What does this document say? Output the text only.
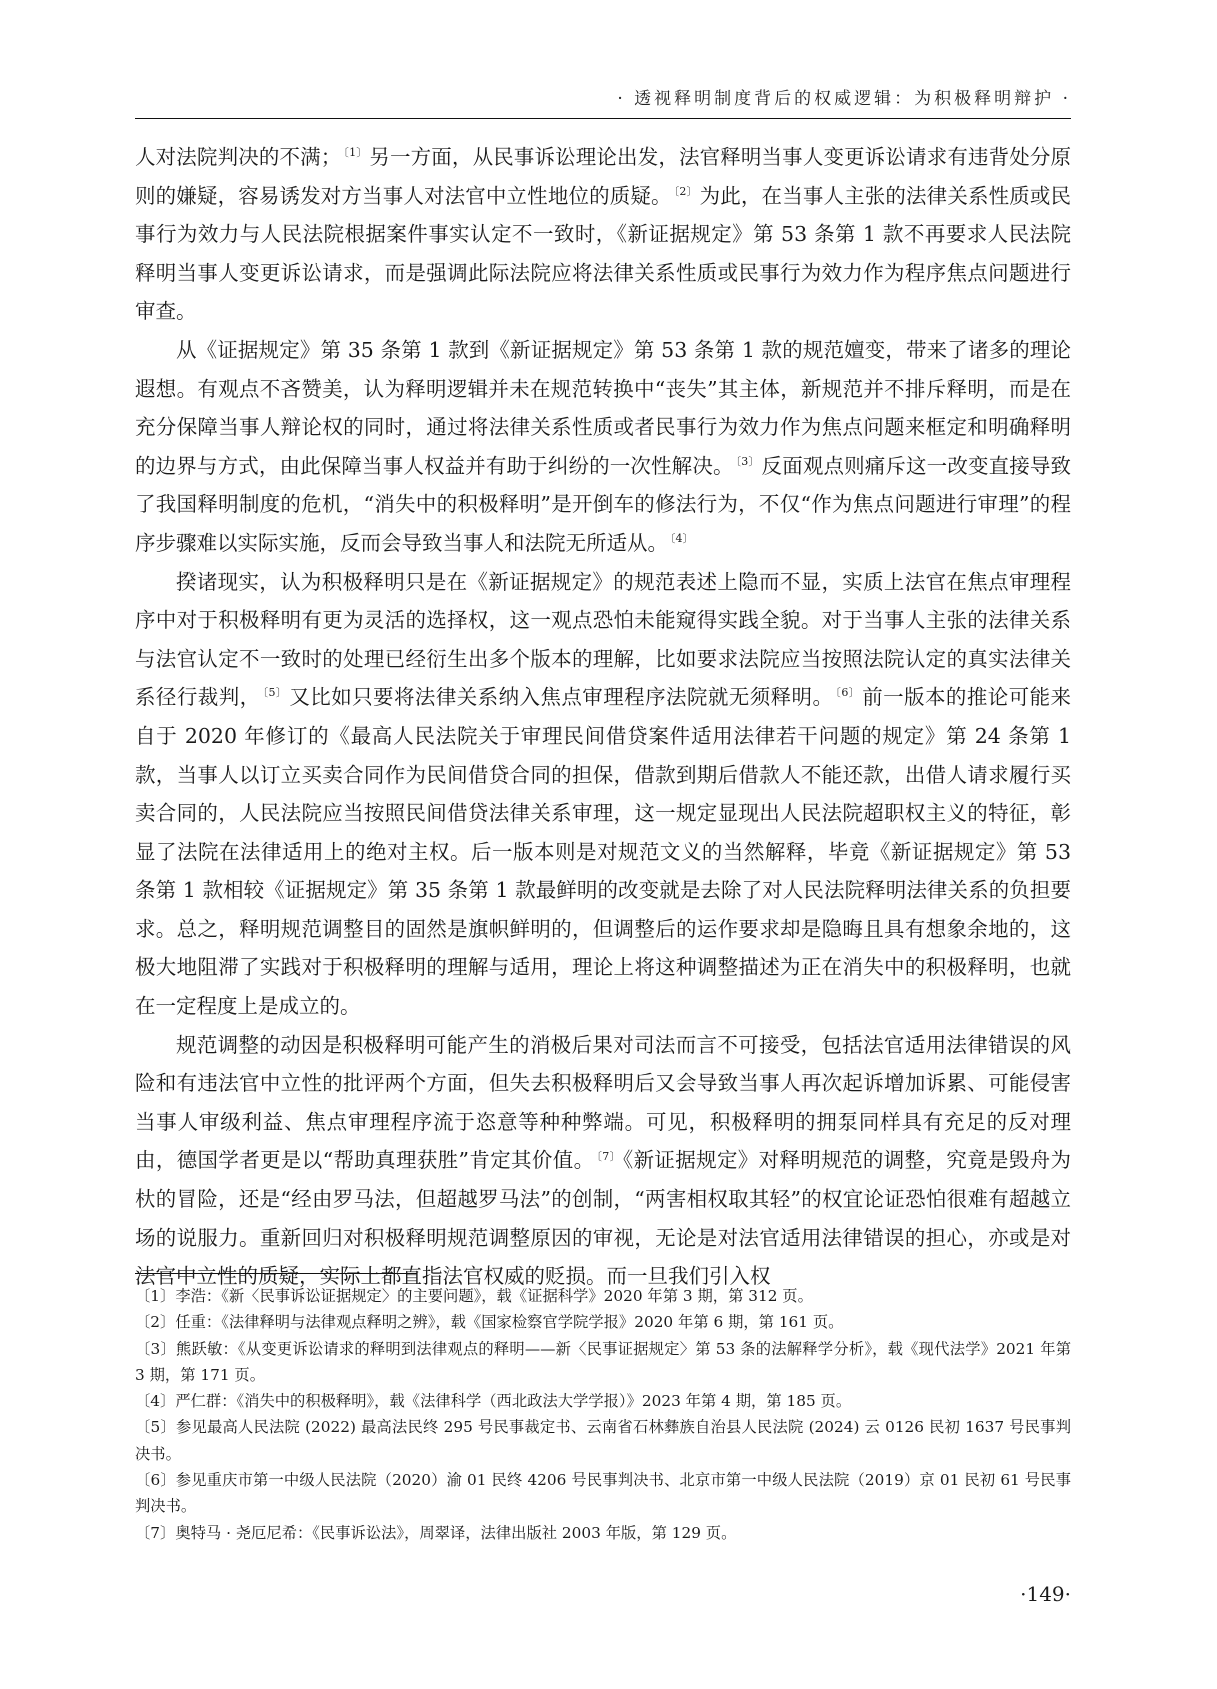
· 透视释明制度背后的权威逻辑：为积极释明辩护 ·

人对法院判决的不满； $^{〔1〕}$另一方面，从民事诉讼理论出发，法官释明当事人变更诉讼请求有违背处分原则的嫌疑，容易诱发对方当事人对法官中立性地位的质疑。 $^{〔2〕}$为此，在当事人主张的法律关系性质或民事行为效力与人民法院根据案件事实认定不一致时，《新证据规定》第 53 条第 1 款不再要求人民法院释明当事人变更诉讼请求，而是强调此际法院应将法律关系性质或民事行为效力作为程序焦点问题进行审查。

从《证据规定》第 35 条第 1 款到《新证据规定》第 53 条第 1 款的规范嬗变，带来了诸多的理论遐想。有观点不吝赞美，认为释明逻辑并未在规范转换中“丧失”其主体，新规范并不排斥释明，而是在充分保障当事人辩论权的同时，通过将法律关系性质或者民事行为效力作为焦点问题来框定和明确释明的边界与方式，由此保障当事人权益并有助于纠纷的一次性解决。 $^{〔3〕}$反面观点则痛斥这一改变直接导致了我国释明制度的危机，“消失中的积极释明”是开倒车的修法行为，不仅“作为焦点问题进行审理”的程序步骤难以实际实施，反而会导致当事人和法院无所适从。 $^{〔4〕}$

揆诸现实，认为积极释明只是在《新证据规定》的规范表述上隐而不显，实质上法官在焦点审理程序中对于积极释明有更为灵活的选择权，这一观点恐怕未能窥得实践全貌。对于当事人主张的法律关系与法官认定不一致时的处理已经衍生出多个版本的理解，比如要求法院应当按照法院认定的真实法律关系径行裁判， $^{〔5〕}$又比如只要将法律关系纳入焦点审理程序法院就无须释明。 $^{〔6〕}$前一版本的推论可能来自于 2020 年修订的《最高人民法院关于审理民间借贷案件适用法律若干问题的规定》第 24 条第 1 款，当事人以订立买卖合同作为民间借贷合同的担保，借款到期后借款人不能还款，出借人请求履行买卖合同的，人民法院应当按照民间借贷法律关系审理，这一规定显现出人民法院超职权主义的特征，彰显了法院在法律适用上的绝对主权。后一版本则是对规范文义的当然解释，毕竟《新证据规定》第 53 条第 1 款相较《证据规定》第 35 条第 1 款最鲜明的改变就是去除了对人民法院释明法律关系的负担要求。总之，释明规范调整目的固然是旗帜鲜明的，但调整后的运作要求却是隐晦且具有想象余地的，这极大地阻滞了实践对于积极释明的理解与适用，理论上将这种调整描述为正在消失中的积极释明，也就在一定程度上是成立的。

规范调整的动因是积极释明可能产生的消极后果对司法而言不可接受，包括法官适用法律错误的风险和有违法官中立性的批评两个方面，但失去积极释明后又会导致当事人再次起诉增加诉累、可能侵害当事人审级利益、焦点审理程序流于恣意等种种弊端。可见，积极释明的拥泵同样具有充足的反对理由，德国学者更是以“帮助真理获胜”肯定其价值。 $^{〔7〕}$《新证据规定》对释明规范的调整，究竟是毁舟为杕的冒险，还是“经由罗马法，但超越罗马法”的创制，“两害相权取其轻”的权宜论证恐怕很难有超越立场的说服力。重新回归对积极释明规范调整原因的审视，无论是对法官适用法律错误的担心，亦或是对法官中立性的质疑，实际上都直指法官权威的贬损。而一旦我们引入权

〔1〕李浩：《新〈民事诉讼证据规定〉的主要问题》，载《证据科学》2020 年第 3 期，第 312 页。

〔2〕任重：《法律释明与法律观点释明之辨》，载《国家检察官学院学报》2020 年第 6 期，第 161 页。

〔3〕熊跃敏：《从变更诉讼请求的释明到法律观点的释明——新〈民事证据规定〉第 53 条的法解释学分析》，载《现代法学》2021 年第 3 期，第 171 页。

〔4〕严仁群：《消失中的积极释明》，载《法律科学（西北政法大学学报）》2023 年第 4 期，第 185 页。

〔5〕参见最高人民法院 (2022) 最高法民终 295 号民事裁定书、云南省石林彝族自治县人民法院 (2024) 云 0126 民初 1637 号民事判决书。

〔6〕参见重庆市第一中级人民法院（2020）渝 01 民终 4206 号民事判决书、北京市第一中级人民法院（2019）京 01 民初 61 号民事判决书。

〔7〕奥特马 · 尧厄尼希：《民事诉讼法》，周翠译，法律出版社 2003 年版，第 129 页。

·149·
